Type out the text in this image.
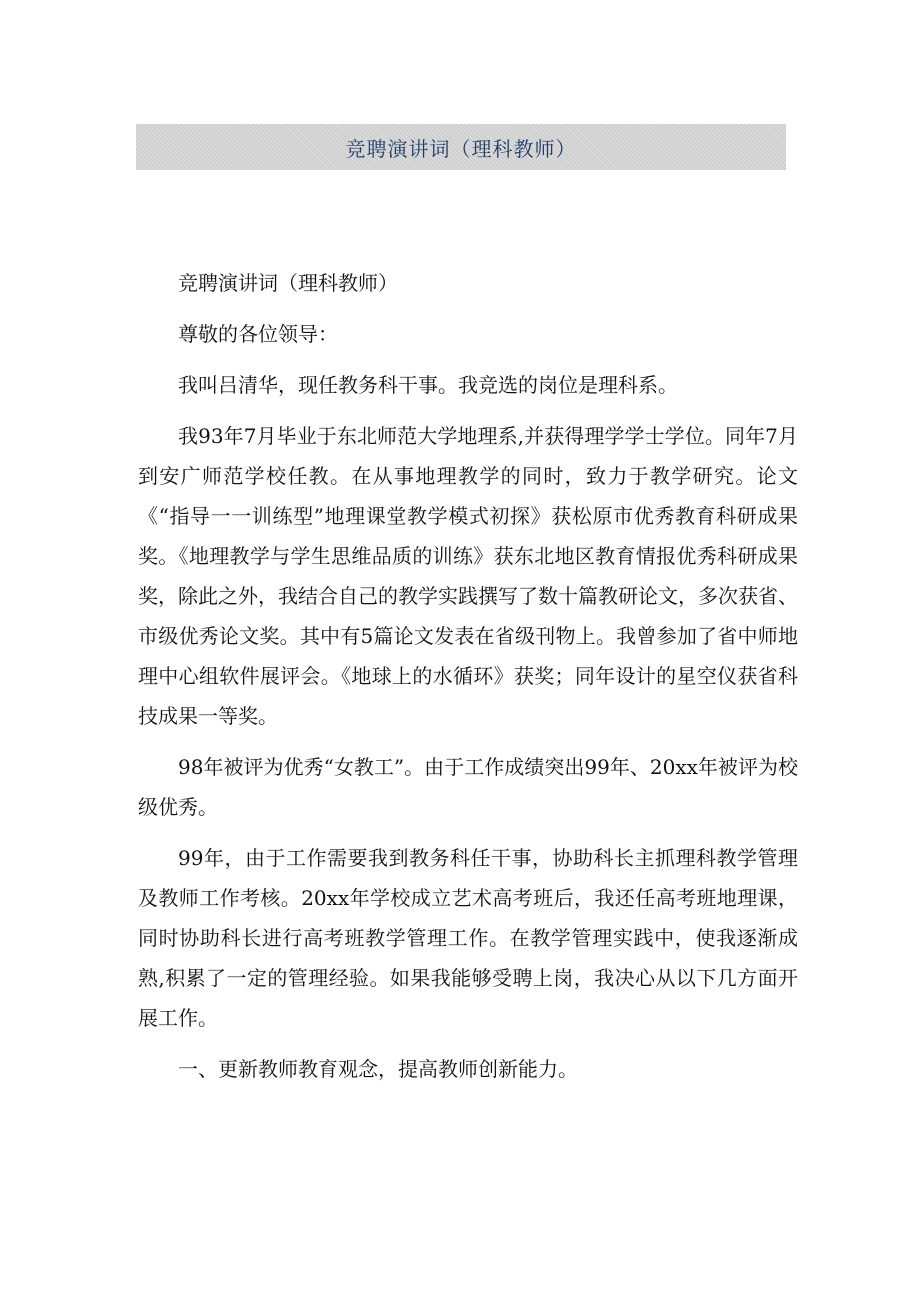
竞聘演讲词（理科教师）

竞聘演讲词（理科教师）

尊敬的各位领导：

我叫吕清华，现任教务科干事。我竞选的岗位是理科系。

我93年7月毕业于东北师范大学地理系,并获得理学学士学位。同年7月到安广师范学校任教。在从事地理教学的同时，致力于教学研究。论文《“指导一一训练型”地理课堂教学模式初探》获松原市优秀教育科研成果奖。《地理教学与学生思维品质的训练》获东北地区教育情报优秀科研成果奖，除此之外，我结合自己的教学实践撰写了数十篇教研论文，多次获省、市级优秀论文奖。其中有5篇论文发表在省级刊物上。我曾参加了省中师地理中心组软件展评会。《地球上的水循环》获奖；同年设计的星空仪获省科技成果一等奖。

98年被评为优秀“女教工”。由于工作成绩突出99年、20xx年被评为校级优秀。

99年，由于工作需要我到教务科任干事，协助科长主抓理科教学管理及教师工作考核。20xx年学校成立艺术高考班后，我还任高考班地理课，同时协助科长进行高考班教学管理工作。在教学管理实践中，使我逐渐成熟,积累了一定的管理经验。如果我能够受聘上岗，我决心从以下几方面开展工作。

一、更新教师教育观念，提高教师创新能力。
